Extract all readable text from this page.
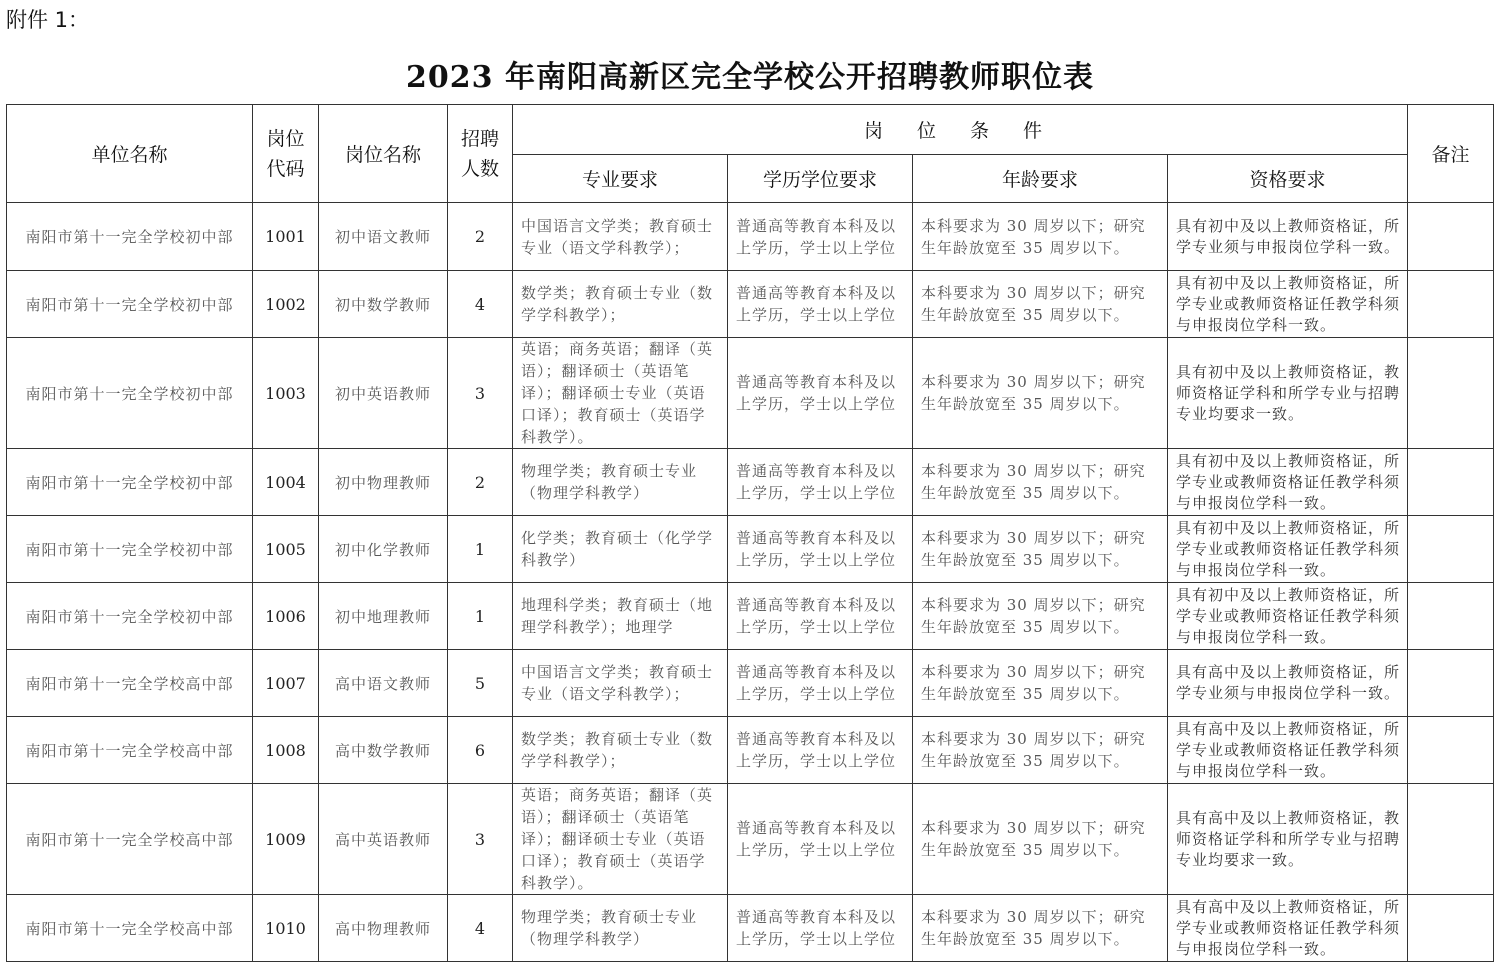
附件 1：
2023 年南阳高新区完全学校公开招聘教师职位表
单位名称	岗位代码	岗位名称	招聘人数	岗 位 条 件				备注
				专业要求	学历学位要求	年龄要求	资格要求	
南阳市第十一完全学校初中部	1001	初中语文教师	2	中国语言文学类；教育硕士专业（语文学科教学）；	普通高等教育本科及以上学历，学士以上学位	本科要求为 30 周岁以下；研究生年龄放宽至 35 周岁以下。	具有初中及以上教师资格证，所学专业须与申报岗位学科一致。	
南阳市第十一完全学校初中部	1002	初中数学教师	4	数学类；教育硕士专业（数学学科教学）；	普通高等教育本科及以上学历，学士以上学位	本科要求为 30 周岁以下；研究生年龄放宽至 35 周岁以下。	具有初中及以上教师资格证，所学专业或教师资格证任教学科须与申报岗位学科一致。	
南阳市第十一完全学校初中部	1003	初中英语教师	3	英语；商务英语；翻译（英语）；翻译硕士（英语笔译）；翻译硕士专业（英语口译）；教育硕士（英语学科教学）。	普通高等教育本科及以上学历，学士以上学位	本科要求为 30 周岁以下；研究生年龄放宽至 35 周岁以下。	具有初中及以上教师资格证，教师资格证学科和所学专业与招聘专业均要求一致。	
南阳市第十一完全学校初中部	1004	初中物理教师	2	物理学类；教育硕士专业（物理学科教学）	普通高等教育本科及以上学历，学士以上学位	本科要求为 30 周岁以下；研究生年龄放宽至 35 周岁以下。	具有初中及以上教师资格证，所学专业或教师资格证任教学科须与申报岗位学科一致。	
南阳市第十一完全学校初中部	1005	初中化学教师	1	化学类；教育硕士（化学学科教学）	普通高等教育本科及以上学历，学士以上学位	本科要求为 30 周岁以下；研究生年龄放宽至 35 周岁以下。	具有初中及以上教师资格证，所学专业或教师资格证任教学科须与申报岗位学科一致。	
南阳市第十一完全学校初中部	1006	初中地理教师	1	地理科学类；教育硕士（地理学科教学）；地理学	普通高等教育本科及以上学历，学士以上学位	本科要求为 30 周岁以下；研究生年龄放宽至 35 周岁以下。	具有初中及以上教师资格证，所学专业或教师资格证任教学科须与申报岗位学科一致。	
南阳市第十一完全学校高中部	1007	高中语文教师	5	中国语言文学类；教育硕士专业（语文学科教学）；	普通高等教育本科及以上学历，学士以上学位	本科要求为 30 周岁以下；研究生年龄放宽至 35 周岁以下。	具有高中及以上教师资格证，所学专业须与申报岗位学科一致。	
南阳市第十一完全学校高中部	1008	高中数学教师	6	数学类；教育硕士专业（数学学科教学）；	普通高等教育本科及以上学历，学士以上学位	本科要求为 30 周岁以下；研究生年龄放宽至 35 周岁以下。	具有高中及以上教师资格证，所学专业或教师资格证任教学科须与申报岗位学科一致。	
南阳市第十一完全学校高中部	1009	高中英语教师	3	英语；商务英语；翻译（英语）；翻译硕士（英语笔译）；翻译硕士专业（英语口译）；教育硕士（英语学科教学）。	普通高等教育本科及以上学历，学士以上学位	本科要求为 30 周岁以下；研究生年龄放宽至 35 周岁以下。	具有高中及以上教师资格证，教师资格证学科和所学专业与招聘专业均要求一致。	
南阳市第十一完全学校高中部	1010	高中物理教师	4	物理学类；教育硕士专业（物理学科教学）	普通高等教育本科及以上学历，学士以上学位	本科要求为 30 周岁以下；研究生年龄放宽至 35 周岁以下。	具有高中及以上教师资格证，所学专业或教师资格证任教学科须与申报岗位学科一致。	
